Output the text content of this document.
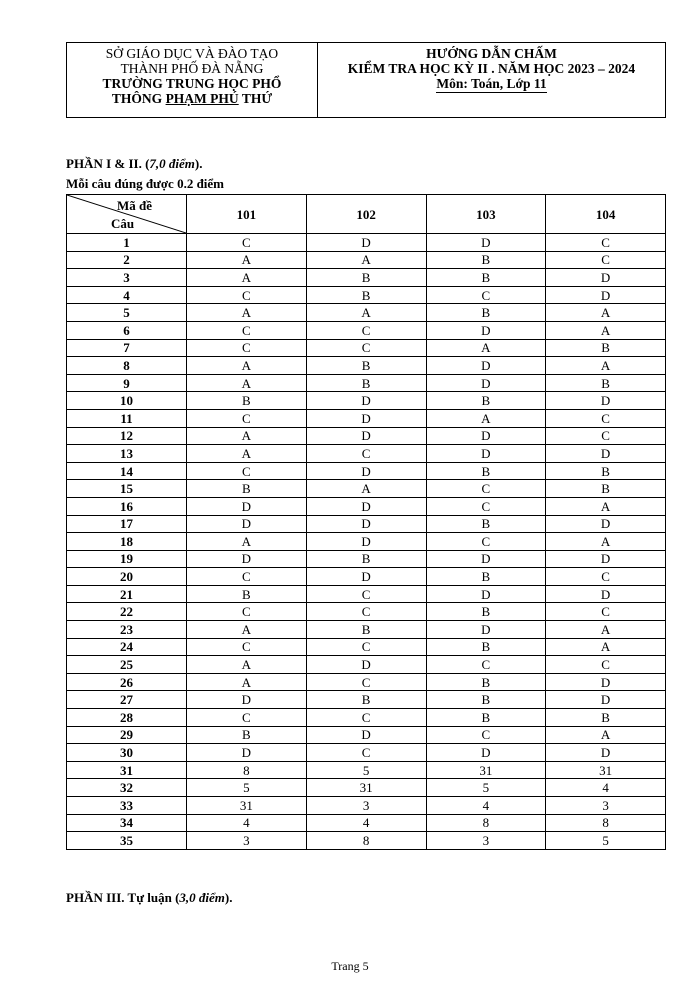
SỞ GIÁO DỤC VÀ ĐÀO TẠO
THÀNH PHỐ ĐÀ NẴNG
TRƯỜNG TRUNG HỌC PHỔ
THÔNG PHẠM PHÚ THỨ
HƯỚNG DẪN CHẤM
KIỂM TRA HỌC KỲ II . NĂM HỌC 2023 – 2024
Môn: Toán, Lớp 11
PHẦN I & II. (7,0 điểm).
Mỗi câu đúng được 0.2 điểm
Mã đề
Câu	101	102	103	104
1	C	D	D	C
2	A	A	B	C
3	A	B	B	D
4	C	B	C	D
5	A	A	B	A
6	C	C	D	A
7	C	C	A	B
8	A	B	D	A
9	A	B	D	B
10	B	D	B	D
11	C	D	A	C
12	A	D	D	C
13	A	C	D	D
14	C	D	B	B
15	B	A	C	B
16	D	D	C	A
17	D	D	B	D
18	A	D	C	A
19	D	B	D	D
20	C	D	B	C
21	B	C	D	D
22	C	C	B	C
23	A	B	D	A
24	C	C	B	A
25	A	D	C	C
26	A	C	B	D
27	D	B	B	D
28	C	C	B	B
29	B	D	C	A
30	D	C	D	D
31	8	5	31	31
32	5	31	5	4
33	31	3	4	3
34	4	4	8	8
35	3	8	3	5
PHẦN III. Tự luận (3,0 điểm).
Trang 5
